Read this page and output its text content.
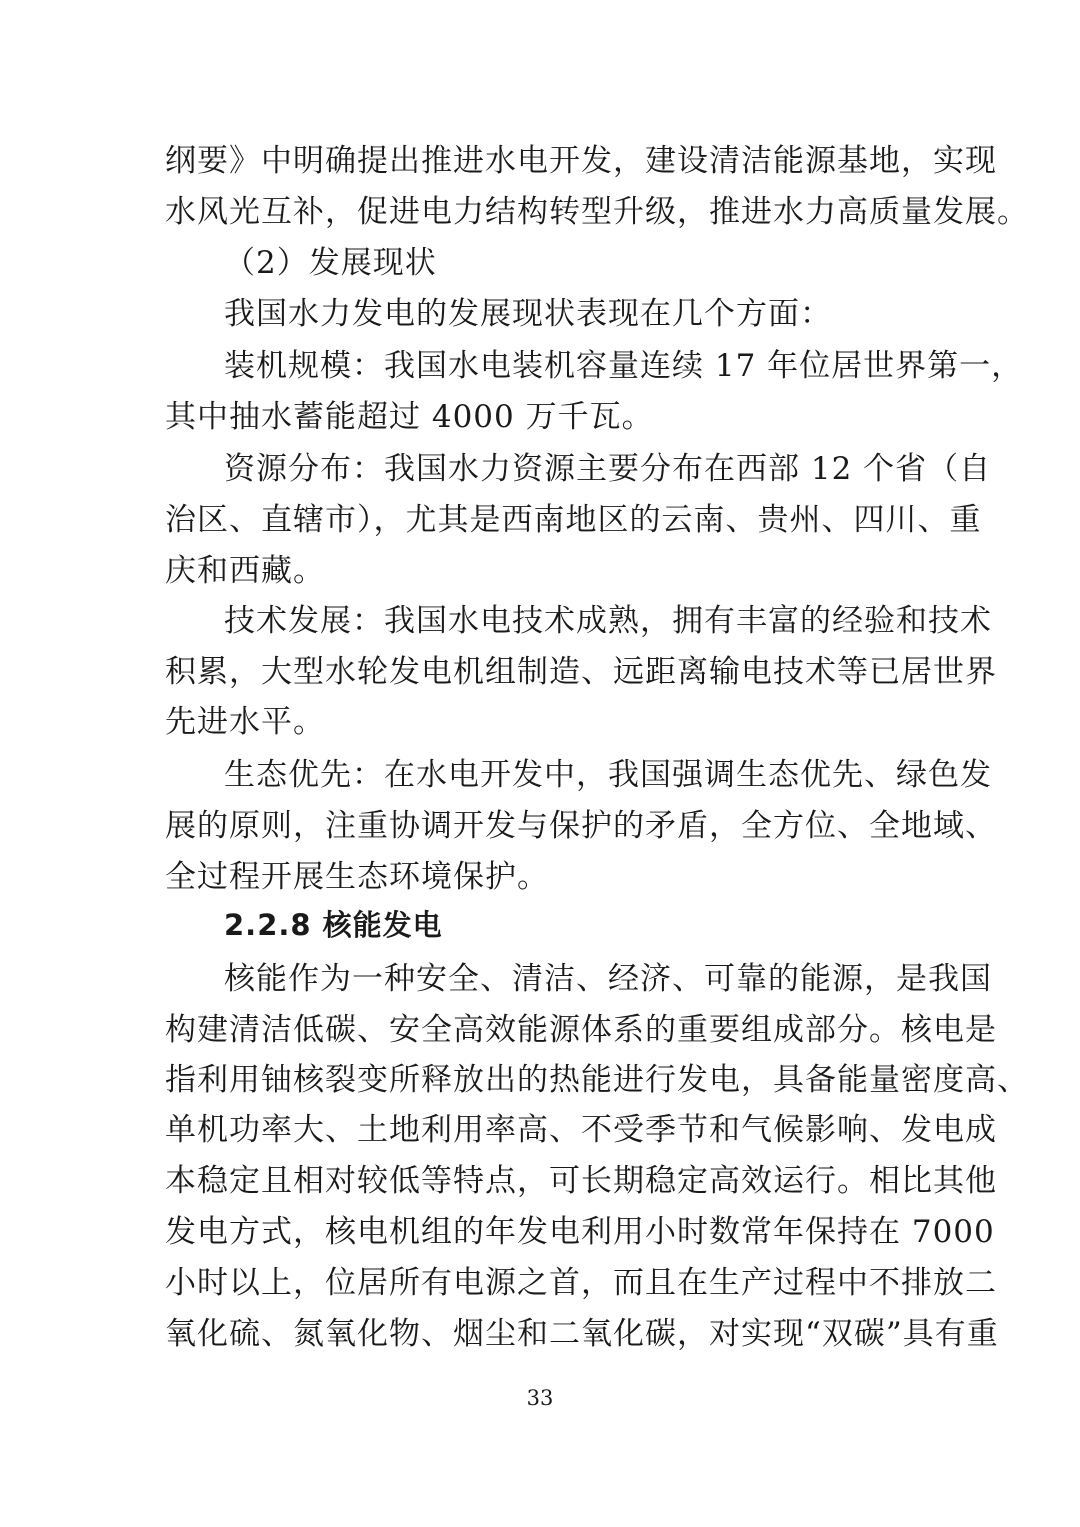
纲要》中明确提出推进水电开发，建设清洁能源基地，实现
水风光互补，促进电力结构转型升级，推进水力高质量发展。
（2）发展现状
我国水力发电的发展现状表现在几个方面：
装机规模：我国水电装机容量连续 17 年位居世界第一，
其中抽水蓄能超过 4000 万千瓦。
资源分布：我国水力资源主要分布在西部 12 个省（自
治区、直辖市），尤其是西南地区的云南、贵州、四川、重
庆和西藏。
技术发展：我国水电技术成熟，拥有丰富的经验和技术
积累，大型水轮发电机组制造、远距离输电技术等已居世界
先进水平。
生态优先：在水电开发中，我国强调生态优先、绿色发
展的原则，注重协调开发与保护的矛盾，全方位、全地域、
全过程开展生态环境保护。
2.2.8 核能发电
核能作为一种安全、清洁、经济、可靠的能源，是我国
构建清洁低碳、安全高效能源体系的重要组成部分。核电是
指利用铀核裂变所释放出的热能进行发电，具备能量密度高、
单机功率大、土地利用率高、不受季节和气候影响、发电成
本稳定且相对较低等特点，可长期稳定高效运行。相比其他
发电方式，核电机组的年发电利用小时数常年保持在 7000
小时以上，位居所有电源之首，而且在生产过程中不排放二
氧化硫、氮氧化物、烟尘和二氧化碳，对实现“双碳”具有重
33
